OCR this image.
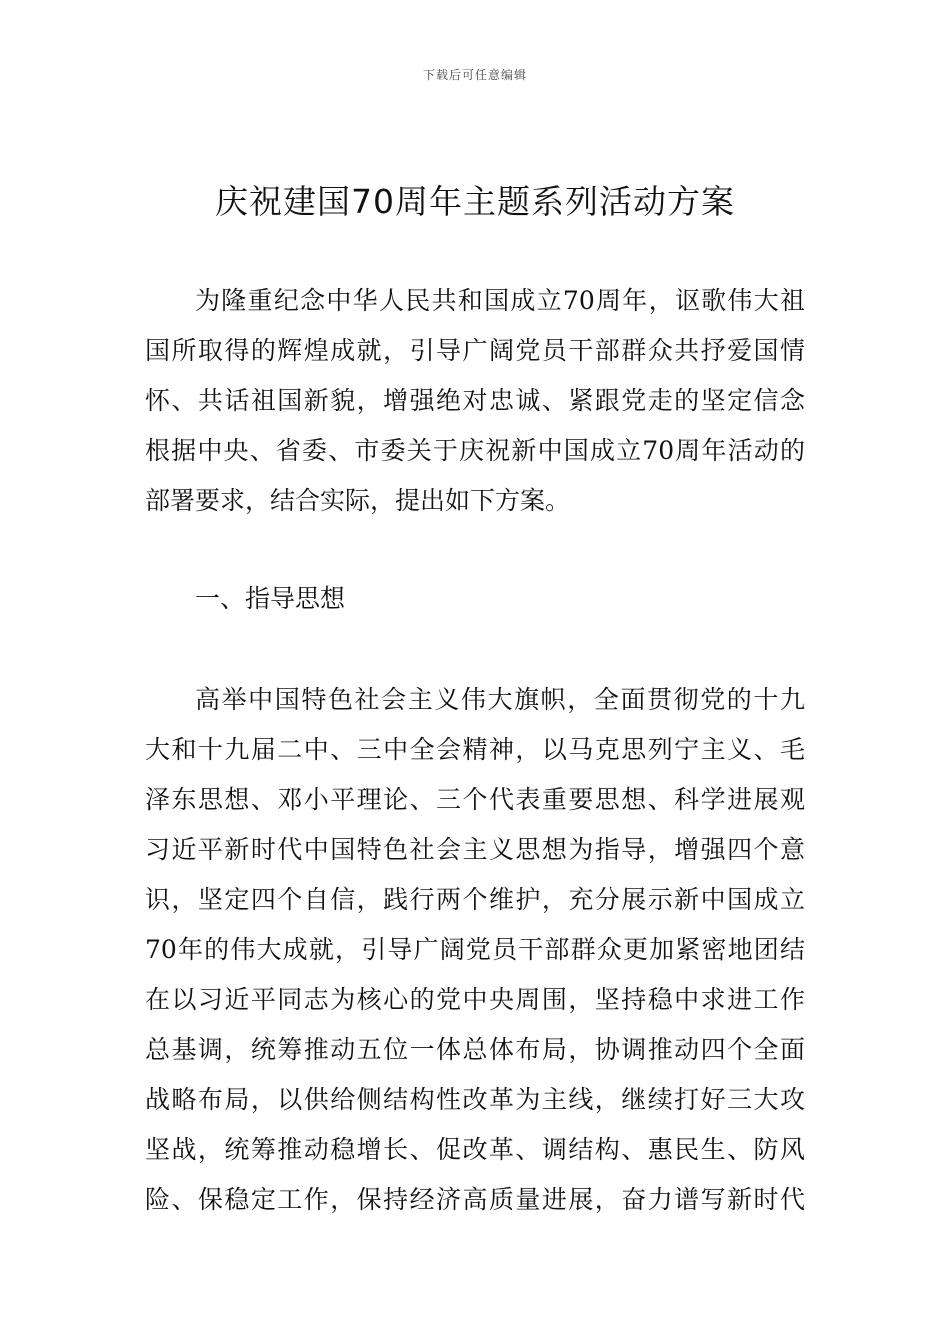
下载后可任意编辑
庆祝建国70周年主题系列活动方案
为隆重纪念中华人民共和国成立70周年，讴歌伟大祖
国所取得的辉煌成就，引导广阔党员干部群众共抒爱国情
怀、共话祖国新貌，增强绝对忠诚、紧跟党走的坚定信念
根据中央、省委、市委关于庆祝新中国成立70周年活动的
部署要求，结合实际，提出如下方案。
一、指导思想
高举中国特色社会主义伟大旗帜，全面贯彻党的十九
大和十九届二中、三中全会精神，以马克思列宁主义、毛
泽东思想、邓小平理论、三个代表重要思想、科学进展观
习近平新时代中国特色社会主义思想为指导，增强四个意
识，坚定四个自信，践行两个维护，充分展示新中国成立
70年的伟大成就，引导广阔党员干部群众更加紧密地团结
在以习近平同志为核心的党中央周围，坚持稳中求进工作
总基调，统筹推动五位一体总体布局，协调推动四个全面
战略布局，以供给侧结构性改革为主线，继续打好三大攻
坚战，统筹推动稳增长、促改革、调结构、惠民生、防风
险、保稳定工作，保持经济高质量进展，奋力谱写新时代
